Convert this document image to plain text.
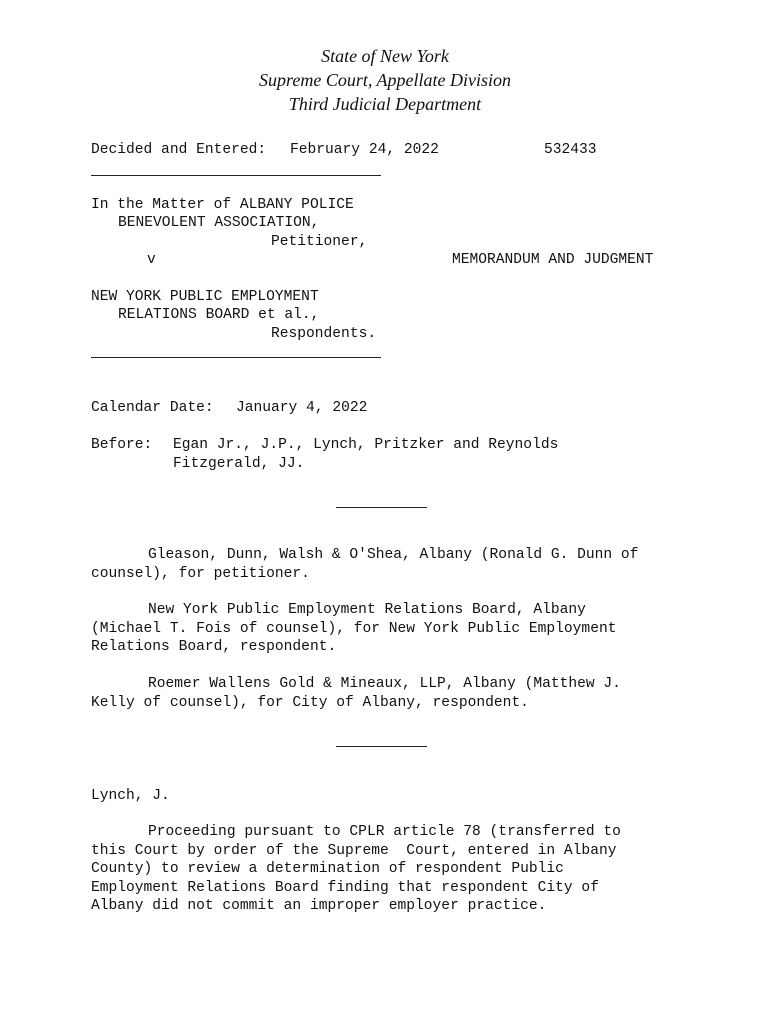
State of New York
Supreme Court, Appellate Division
Third Judicial Department
Decided and Entered: February 24, 2022	532433
In the Matter of ALBANY POLICE
BENEVOLENT ASSOCIATION,
Petitioner,
v	MEMORANDUM AND JUDGMENT
NEW YORK PUBLIC EMPLOYMENT
RELATIONS BOARD et al.,
Respondents.
Calendar Date: January 4, 2022
Before: Egan Jr., J.P., Lynch, Pritzker and Reynolds
Fitzgerald, JJ.
Gleason, Dunn, Walsh & O'Shea, Albany (Ronald G. Dunn of
counsel), for petitioner.
New York Public Employment Relations Board, Albany
(Michael T. Fois of counsel), for New York Public Employment
Relations Board, respondent.
Roemer Wallens Gold & Mineaux, LLP, Albany (Matthew J.
Kelly of counsel), for City of Albany, respondent.
Lynch, J.
Proceeding pursuant to CPLR article 78 (transferred to
this Court by order of the Supreme  Court, entered in Albany
County) to review a determination of respondent Public
Employment Relations Board finding that respondent City of
Albany did not commit an improper employer practice.
